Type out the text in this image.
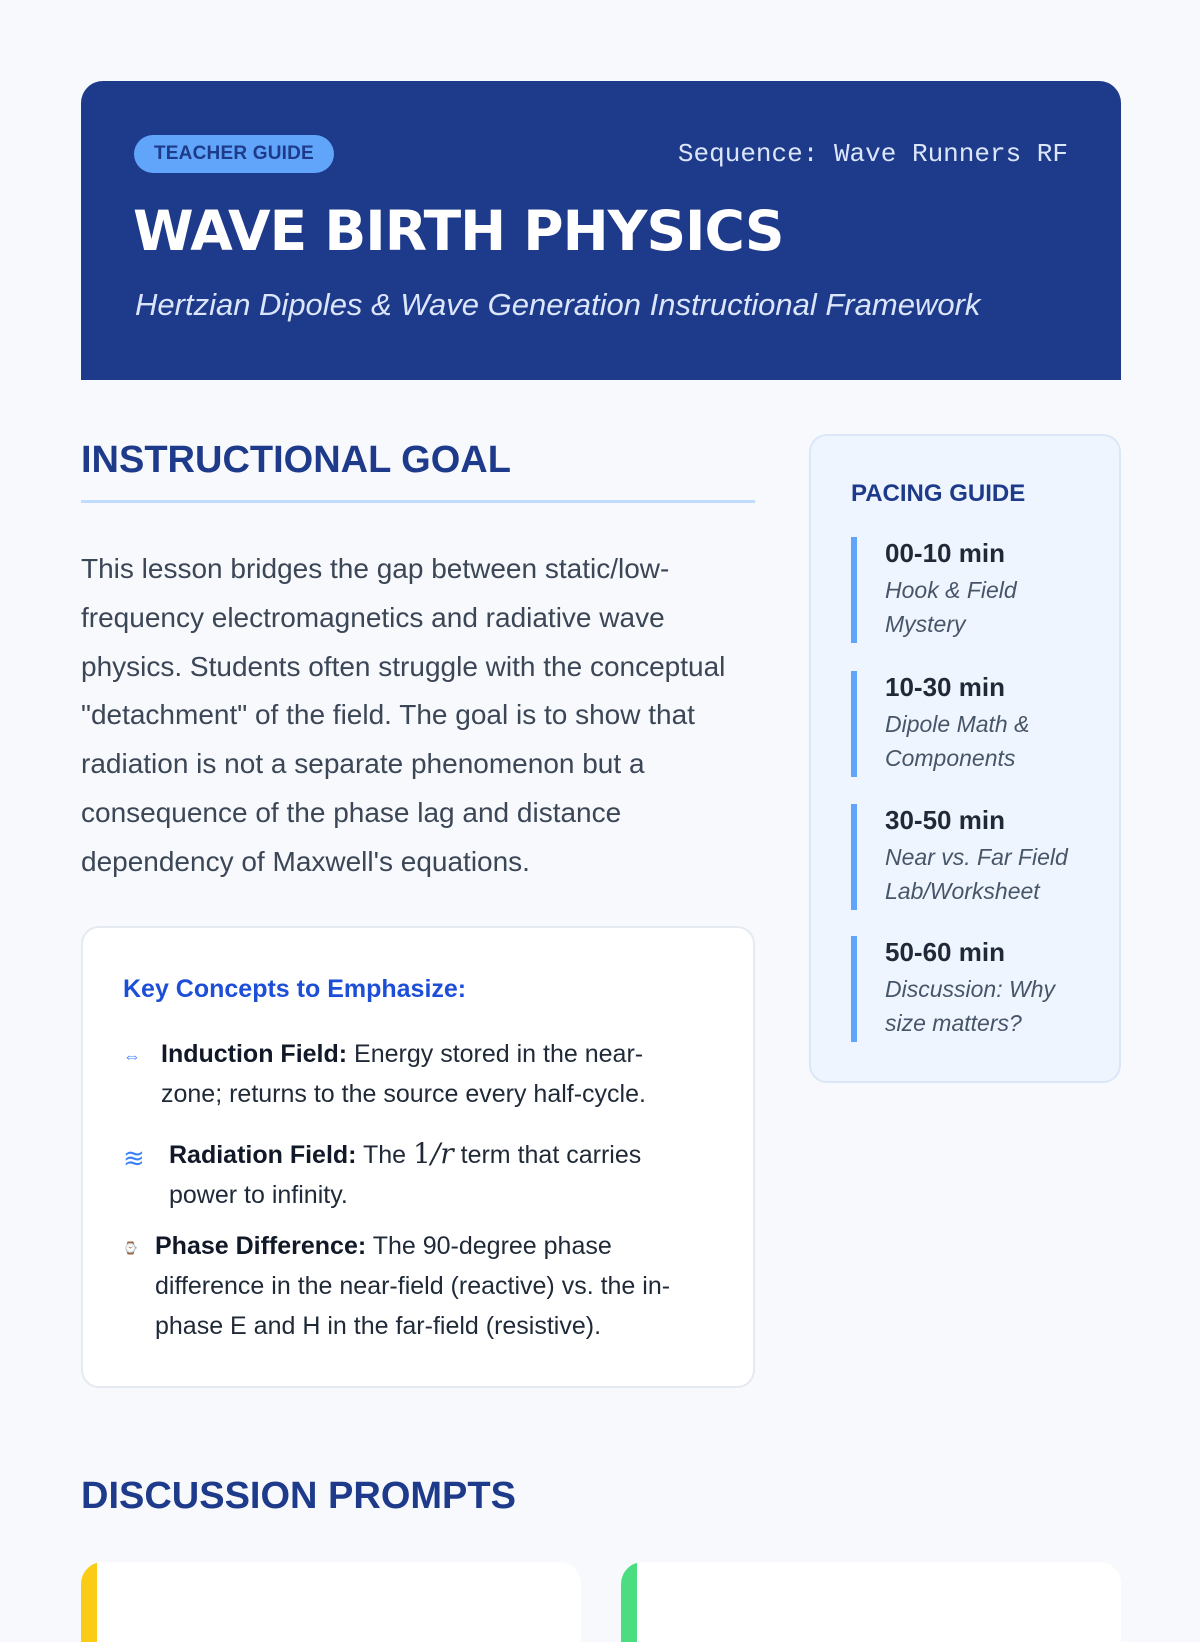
TEACHER GUIDE	Sequence: Wave Runners RF
WAVE BIRTH PHYSICS

Hertzian Dipoles & Wave Generation Instructional Framework

INSTRUCTIONAL GOAL

This lesson bridges the gap between static/low-frequency electromagnetics and radiative wave physics. Students often struggle with the conceptual "detachment" of the field. The goal is to show that radiation is not a separate phenomenon but a consequence of the phase lag and distance dependency of Maxwell's equations.

Key Concepts to Emphasize:
⇔ Induction Field: Energy stored in the near-zone; returns to the source every half-cycle.
≋ Radiation Field: The 1/r term that carries power to infinity.
⌚ Phase Difference: The 90-degree phase difference in the near-field (reactive) vs. the in-phase E and H in the far-field (resistive).
PACING GUIDE
00-10 min
Hook & Field Mystery
10-30 min
Dipole Math & Components
30-50 min
Near vs. Far Field Lab/Worksheet
50-60 min
Discussion: Why size matters?
DISCUSSION PROMPTS
